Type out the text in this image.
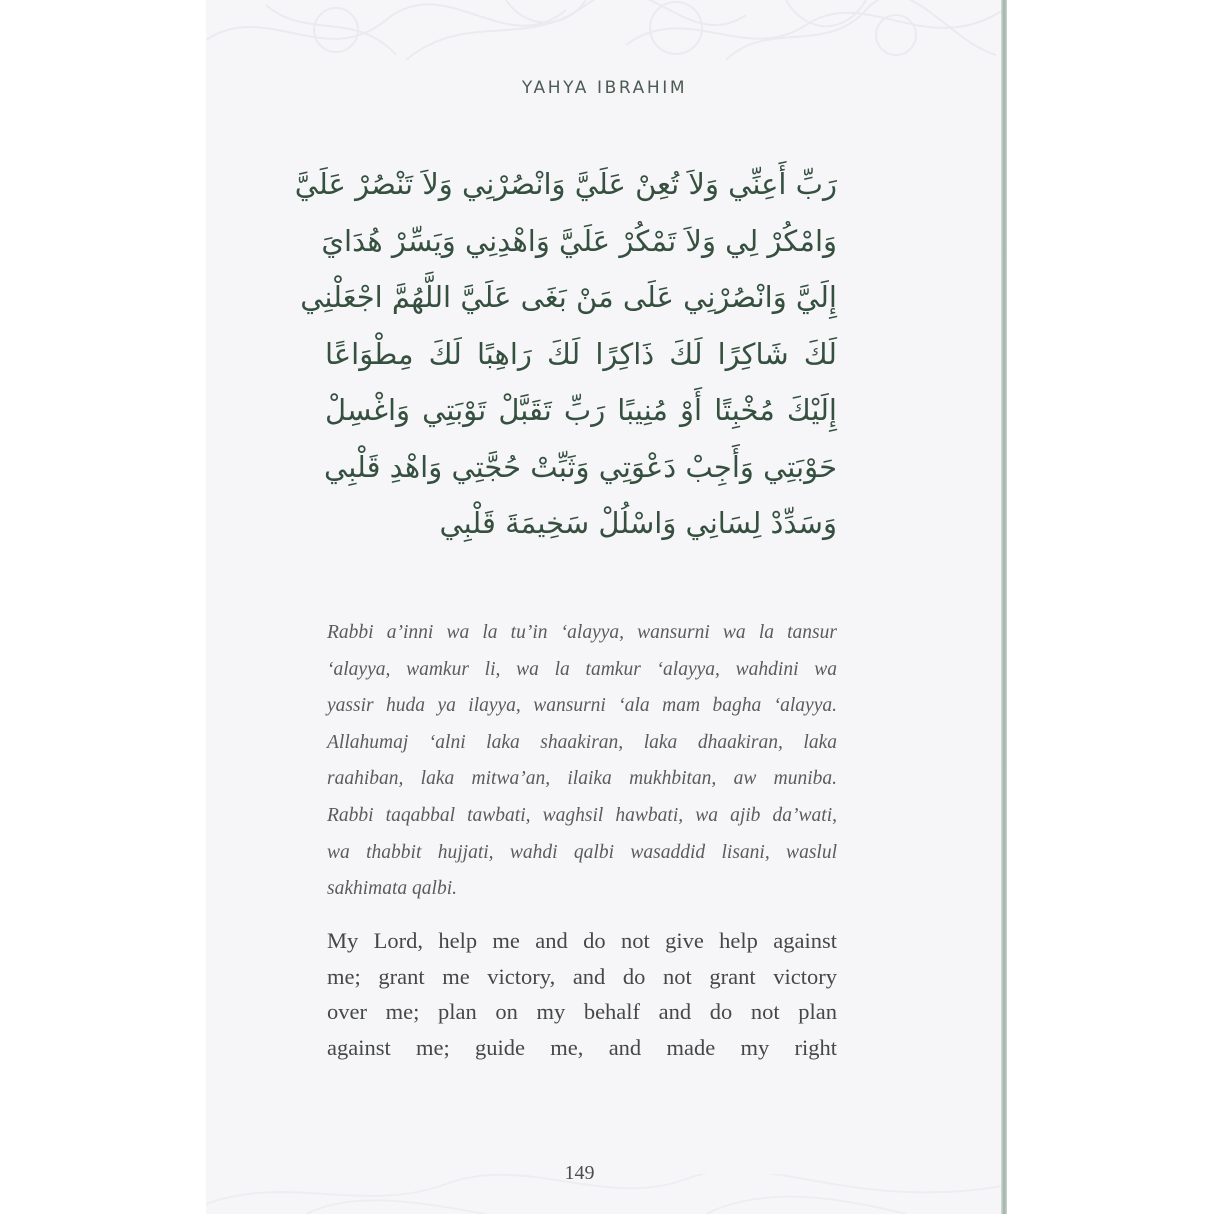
YAHYA IBRAHIM
رَبِّ أَعِنِّي وَلاَ تُعِنْ عَلَيَّ وَانْصُرْنِي وَلاَ تَنْصُرْ عَلَيَّ
وَامْكُرْ لِي وَلاَ تَمْكُرْ عَلَيَّ وَاهْدِنِي وَيَسِّرْ هُدَايَ
إِلَيَّ وَانْصُرْنِي عَلَى مَنْ بَغَى عَلَيَّ اللَّهُمَّ اجْعَلْنِي
لَكَ شَاكِرًا لَكَ ذَاكِرًا لَكَ رَاهِبًا لَكَ مِطْوَاعًا
إِلَيْكَ مُخْبِتًا أَوْ مُنِيبًا رَبِّ تَقَبَّلْ تَوْبَتِي وَاغْسِلْ
حَوْبَتِي وَأَجِبْ دَعْوَتِي وَثَبِّتْ حُجَّتِي وَاهْدِ قَلْبِي
وَسَدِّدْ لِسَانِي وَاسْلُلْ سَخِيمَةَ قَلْبِي
Rabbi a’inni wa la tu’in ‘alayya, wansurni wa la tansur
‘alayya, wamkur li, wa la tamkur ‘alayya, wahdini wa
yassir huda ya ilayya, wansurni ‘ala mam bagha ‘alayya.
Allahumaj ‘alni laka shaakiran, laka dhaakiran, laka
raahiban, laka mitwa’an, ilaika mukhbitan, aw muniba.
Rabbi taqabbal tawbati, waghsil hawbati, wa ajib da’wati,
wa thabbit hujjati, wahdi qalbi wasaddid lisani, waslul
sakhimata qalbi.
My Lord, help me and do not give help against
me; grant me victory, and do not grant victory
over me; plan on my behalf and do not plan
against me; guide me, and made my right
149
